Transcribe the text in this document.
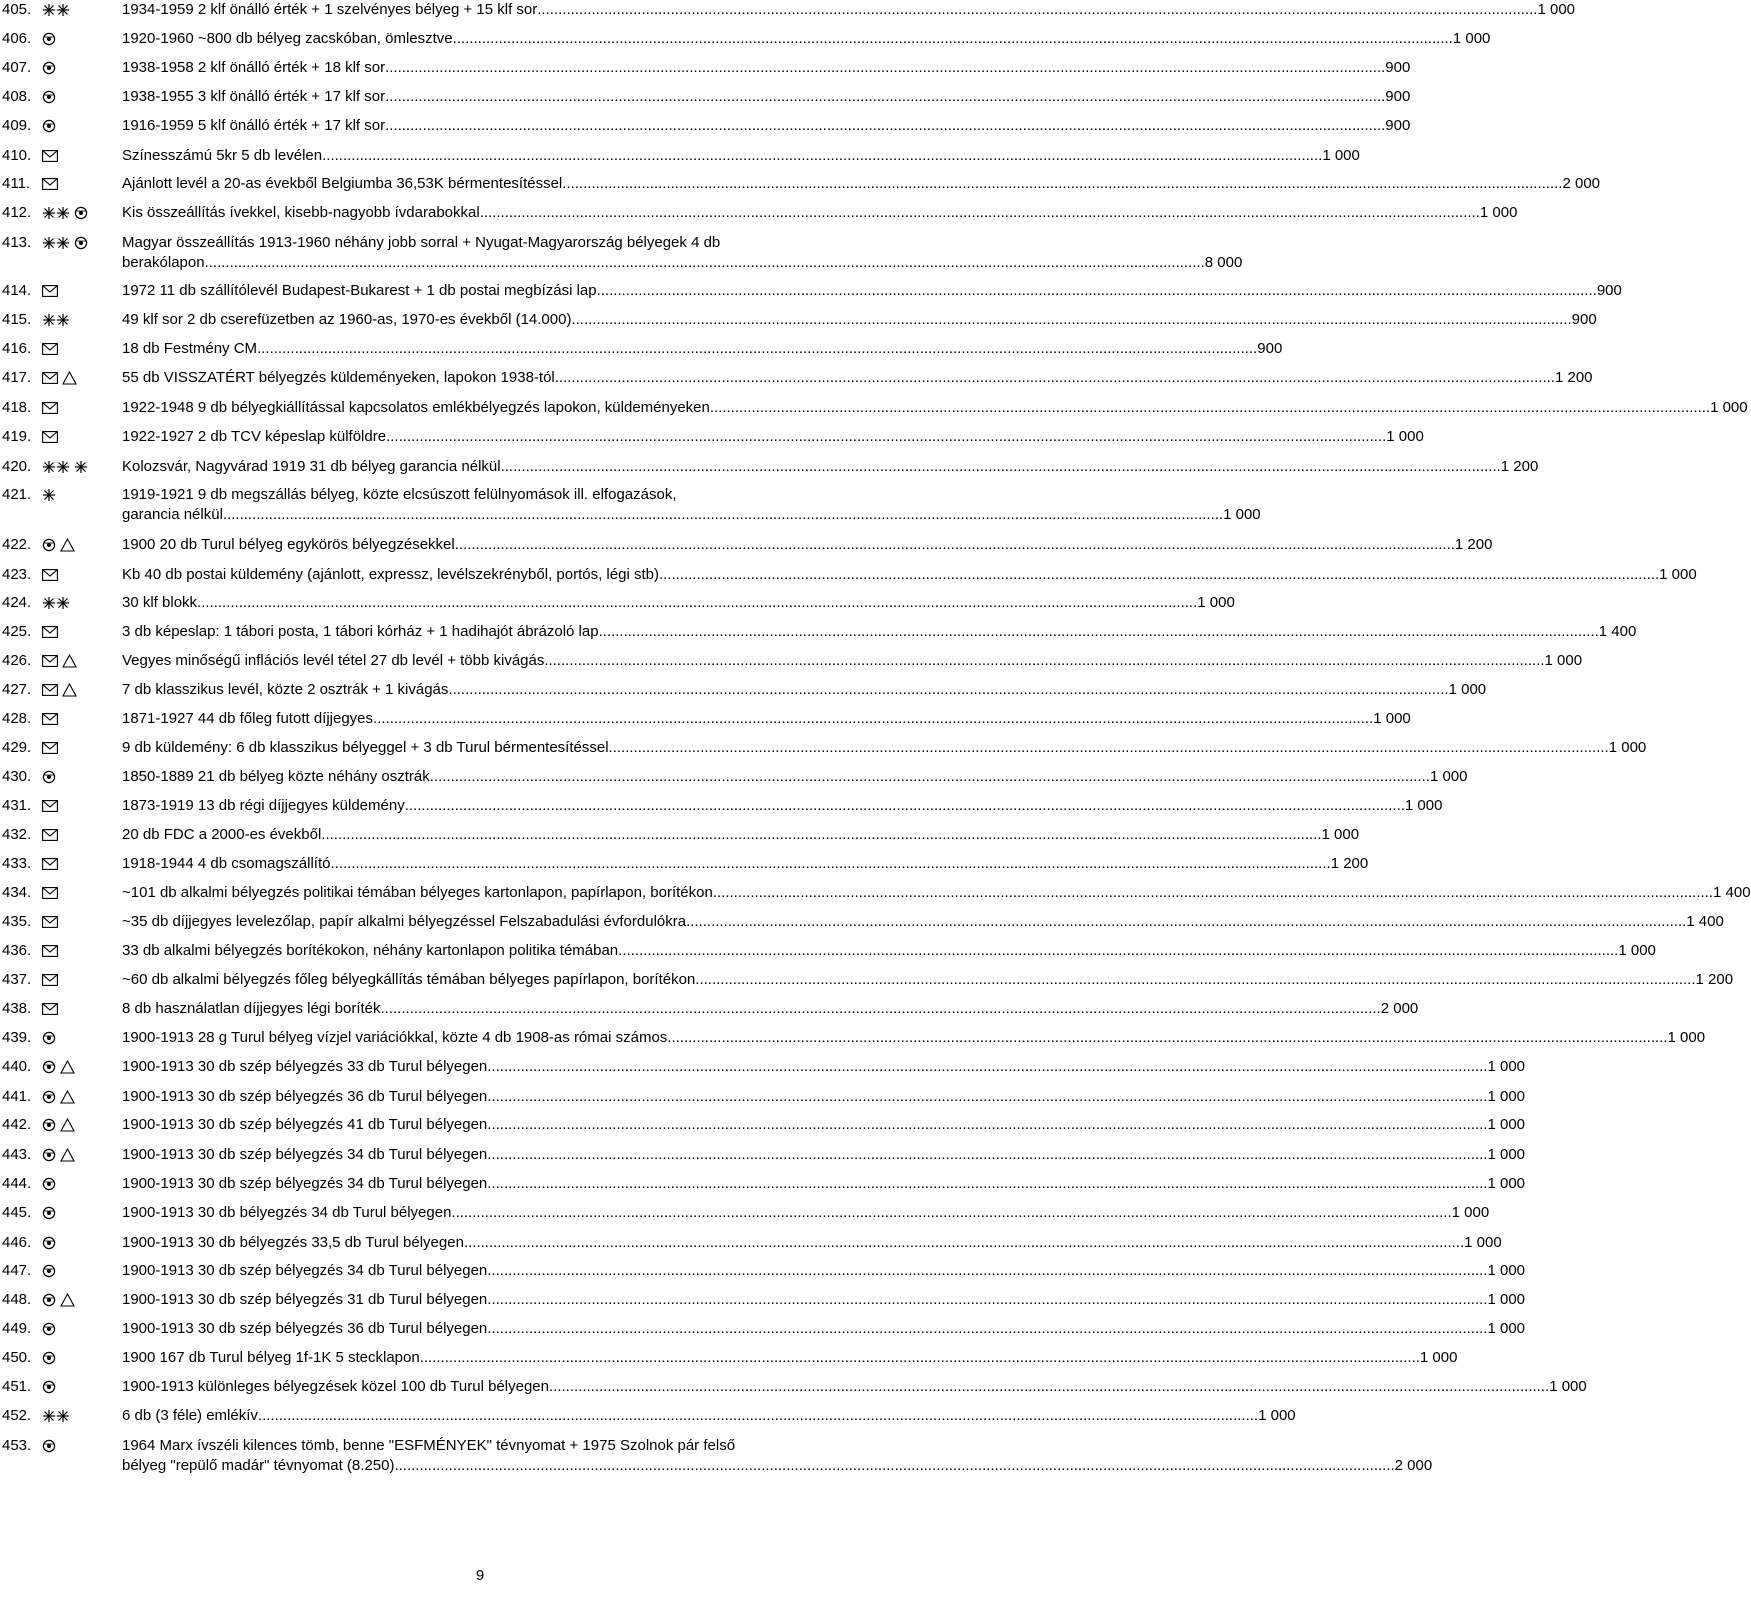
405.	1934-1959 2 klf önálló érték + 1 szelvényes bélyeg + 15 klf sor .....	1 000
406.	1920-1960 ~800 db bélyeg zacskóban, ömlesztve .....	1 000
407.	1938-1958 2 klf önálló érték + 18 klf sor .....	900
408.	1938-1955 3 klf önálló érték + 17 klf sor .....	900
409.	1916-1959 5 klf önálló érték + 17 klf sor .....	900
410.	Színesszámú 5kr 5 db levélen .....	1 000
411.	Ajánlott levél a 20-as évekből Belgiumba 36,53K bérmentesítéssel .....	2 000
412.	Kis összeállítás ívekkel, kisebb-nagyobb ívdarabokkal .....	1 000
413.	Magyar összeállítás 1913-1960 néhány jobb sorral + Nyugat-Magyarország bélyegek 4 db
berakólapon .....	8 000
414.	1972 11 db szállítólevél Budapest-Bukarest + 1 db postai megbízási lap .....	900
415.	49 klf sor 2 db cserefüzetben az 1960-as, 1970-es évekből (14.000) .....	900
416.	18 db Festmény CM .....	900
417.	55 db VISSZATÉRT bélyegzés küldeményeken, lapokon 1938-tól .....	1 200
418.	1922-1948 9 db bélyegkiállítással kapcsolatos emlékbélyegzés lapokon, küldeményeken .....	1 000
419.	1922-1927 2 db TCV képeslap külföldre .....	1 000
420.	Kolozsvár, Nagyvárad 1919 31 db bélyeg garancia nélkül .....	1 200
421.	1919-1921 9 db megszállás bélyeg, közte elcsúszott felülnyomások ill. elfogazások,
garancia nélkül .....	1 000
422.	1900 20 db Turul bélyeg egykörös bélyegzésekkel .....	1 200
423.	Kb 40 db postai küldemény (ajánlott, expressz, levélszekrényből, portós, légi stb) .....	1 000
424.	30 klf blokk .....	1 000
425.	3 db képeslap: 1 tábori posta, 1 tábori kórház + 1 hadihajót ábrázoló lap .....	1 400
426.	Vegyes minőségű inflációs levél tétel 27 db levél + több kivágás .....	1 000
427.	7 db klasszikus levél, közte 2 osztrák + 1 kivágás .....	1 000
428.	1871-1927 44 db főleg futott díjjegyes .....	1 000
429.	9 db küldemény: 6 db klasszikus bélyeggel + 3 db Turul bérmentesítéssel .....	1 000
430.	1850-1889 21 db bélyeg közte néhány osztrák .....	1 000
431.	1873-1919 13 db régi díjjegyes küldemény .....	1 000
432.	20 db FDC a 2000-es évekből .....	1 000
433.	1918-1944 4 db csomagszállító .....	1 200
434.	~101 db alkalmi bélyegzés politikai témában bélyeges kartonlapon, papírlapon, borítékon .....	1 400
435.	~35 db díjjegyes levelezőlap, papír alkalmi bélyegzéssel Felszabadulási évfordulókra .....	1 400
436.	33 db alkalmi bélyegzés borítékokon, néhány kartonlapon politika témában .....	1 000
437.	~60 db alkalmi bélyegzés főleg bélyegkállítás témában bélyeges papírlapon, borítékon .....	1 200
438.	8 db használatlan díjjegyes légi boríték .....	2 000
439.	1900-1913 28 g Turul bélyeg vízjel variációkkal, közte 4 db 1908-as római számos .....	1 000
440.	1900-1913 30 db szép bélyegzés 33 db Turul bélyegen .....	1 000
441.	1900-1913 30 db szép bélyegzés 36 db Turul bélyegen .....	1 000
442.	1900-1913 30 db szép bélyegzés 41 db Turul bélyegen .....	1 000
443.	1900-1913 30 db szép bélyegzés 34 db Turul bélyegen .....	1 000
444.	1900-1913 30 db szép bélyegzés 34 db Turul bélyegen .....	1 000
445.	1900-1913 30 db bélyegzés 34 db Turul bélyegen .....	1 000
446.	1900-1913 30 db bélyegzés 33,5 db Turul bélyegen .....	1 000
447.	1900-1913 30 db szép bélyegzés 34 db Turul bélyegen .....	1 000
448.	1900-1913 30 db szép bélyegzés 31 db Turul bélyegen .....	1 000
449.	1900-1913 30 db szép bélyegzés 36 db Turul bélyegen .....	1 000
450.	1900 167 db Turul bélyeg 1f-1K 5 stecklapon .....	1 000
451.	1900-1913 különleges bélyegzések közel 100 db Turul bélyegen .....	1 000
452.	6 db (3 féle) emlékív .....	1 000
453.	1964 Marx ívszéli kilences tömb, benne "ESFMÉNYEK" tévnyomat + 1975 Szolnok pár felső
bélyeg "repülő madár" tévnyomat (8.250) .....	2 000
9
